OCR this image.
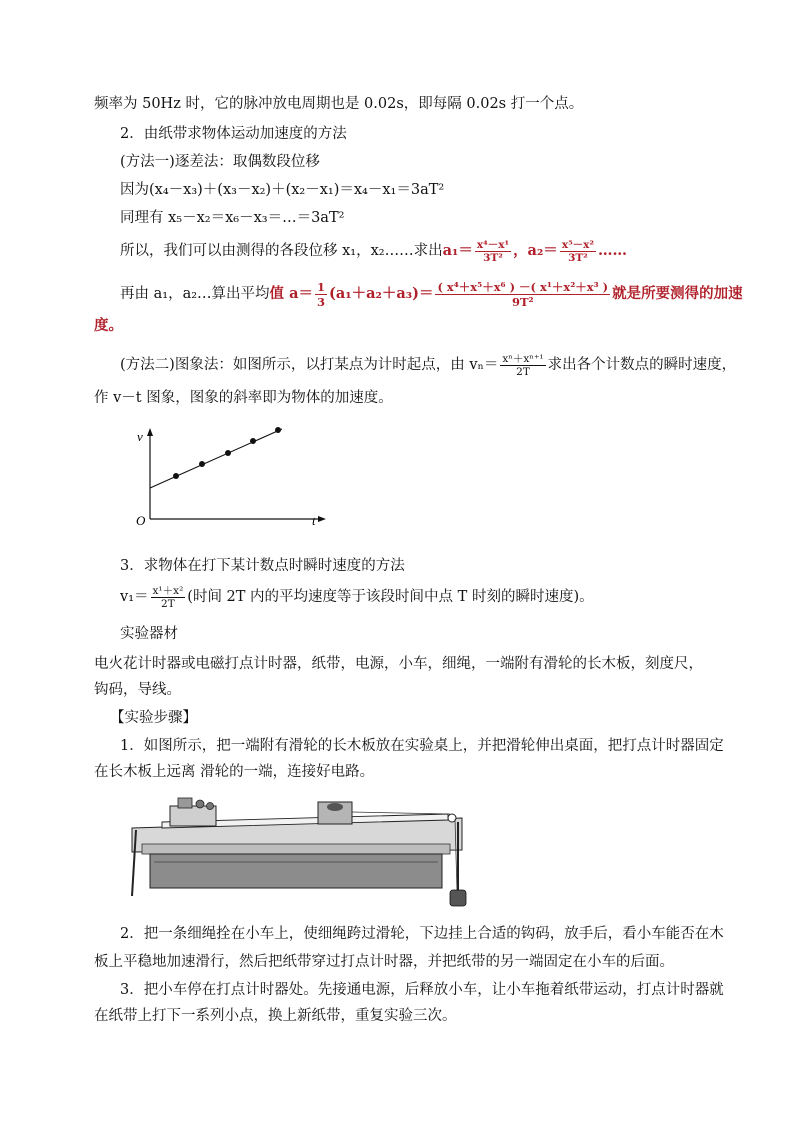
频率为 50Hz 时，它的脉冲放电周期也是 0.02s，即每隔 0.02s 打一个点。
2．由纸带求物体运动加速度的方法
(方法一)逐差法：取偶数段位移
因为(x₄－x₃)＋(x₃－x₂)＋(x₂－x₁)＝x₄－x₁＝3aT²
同理有 x₅－x₂＝x₆－x₃＝…＝3aT²
所以，我们可以由测得的各段位移 x₁，x₂……求出$a_1= \frac{\text{x⁴－x¹}}{\text{3T²}}$ ，$a_2= \frac{\text{x⁵－x²}}{\text{3T²}}$ ……
再由 a₁，a₂…算出平均值 $a= \frac{1}{3} (a_1+a_2+a_3)= \frac{\text{( x⁴＋x⁵＋x⁶ ) －( x¹＋x²＋x³ )}}{\text{9T²}}$ 就是所要测得的加速
度。
(方法二)图象法：如图所示，以打某点为计时起点，由 $v_n= \frac{\text{xⁿ＋xⁿ⁺¹}}{2T}$ 求出各个计数点的瞬时速度，
作 v－t 图象，图象的斜率即为物体的加速度。
v
t
O
3．求物体在打下某计数点时瞬时速度的方法
$v_1= \frac{\text{x¹＋x²}}{2T}$ (时间 2T 内的平均速度等于该段时间中点 T 时刻的瞬时速度)。
实验器材
电火花计时器或电磁打点计时器，纸带，电源，小车，细绳，一端附有滑轮的长木板，刻度尺，
钩码，导线。
【实验步骤】
1．如图所示，把一端附有滑轮的长木板放在实验桌上，并把滑轮伸出桌面，把打点计时器固定
在长木板上远离 滑轮的一端，连接好电路。
2．把一条细绳拴在小车上，使细绳跨过滑轮，下边挂上合适的钩码，放手后，看小车能否在木
板上平稳地加速滑行，然后把纸带穿过打点计时器，并把纸带的另一端固定在小车的后面。
3．把小车停在打点计时器处。先接通电源，后释放小车，让小车拖着纸带运动，打点计时器就
在纸带上打下一系列小点，换上新纸带，重复实验三次。
